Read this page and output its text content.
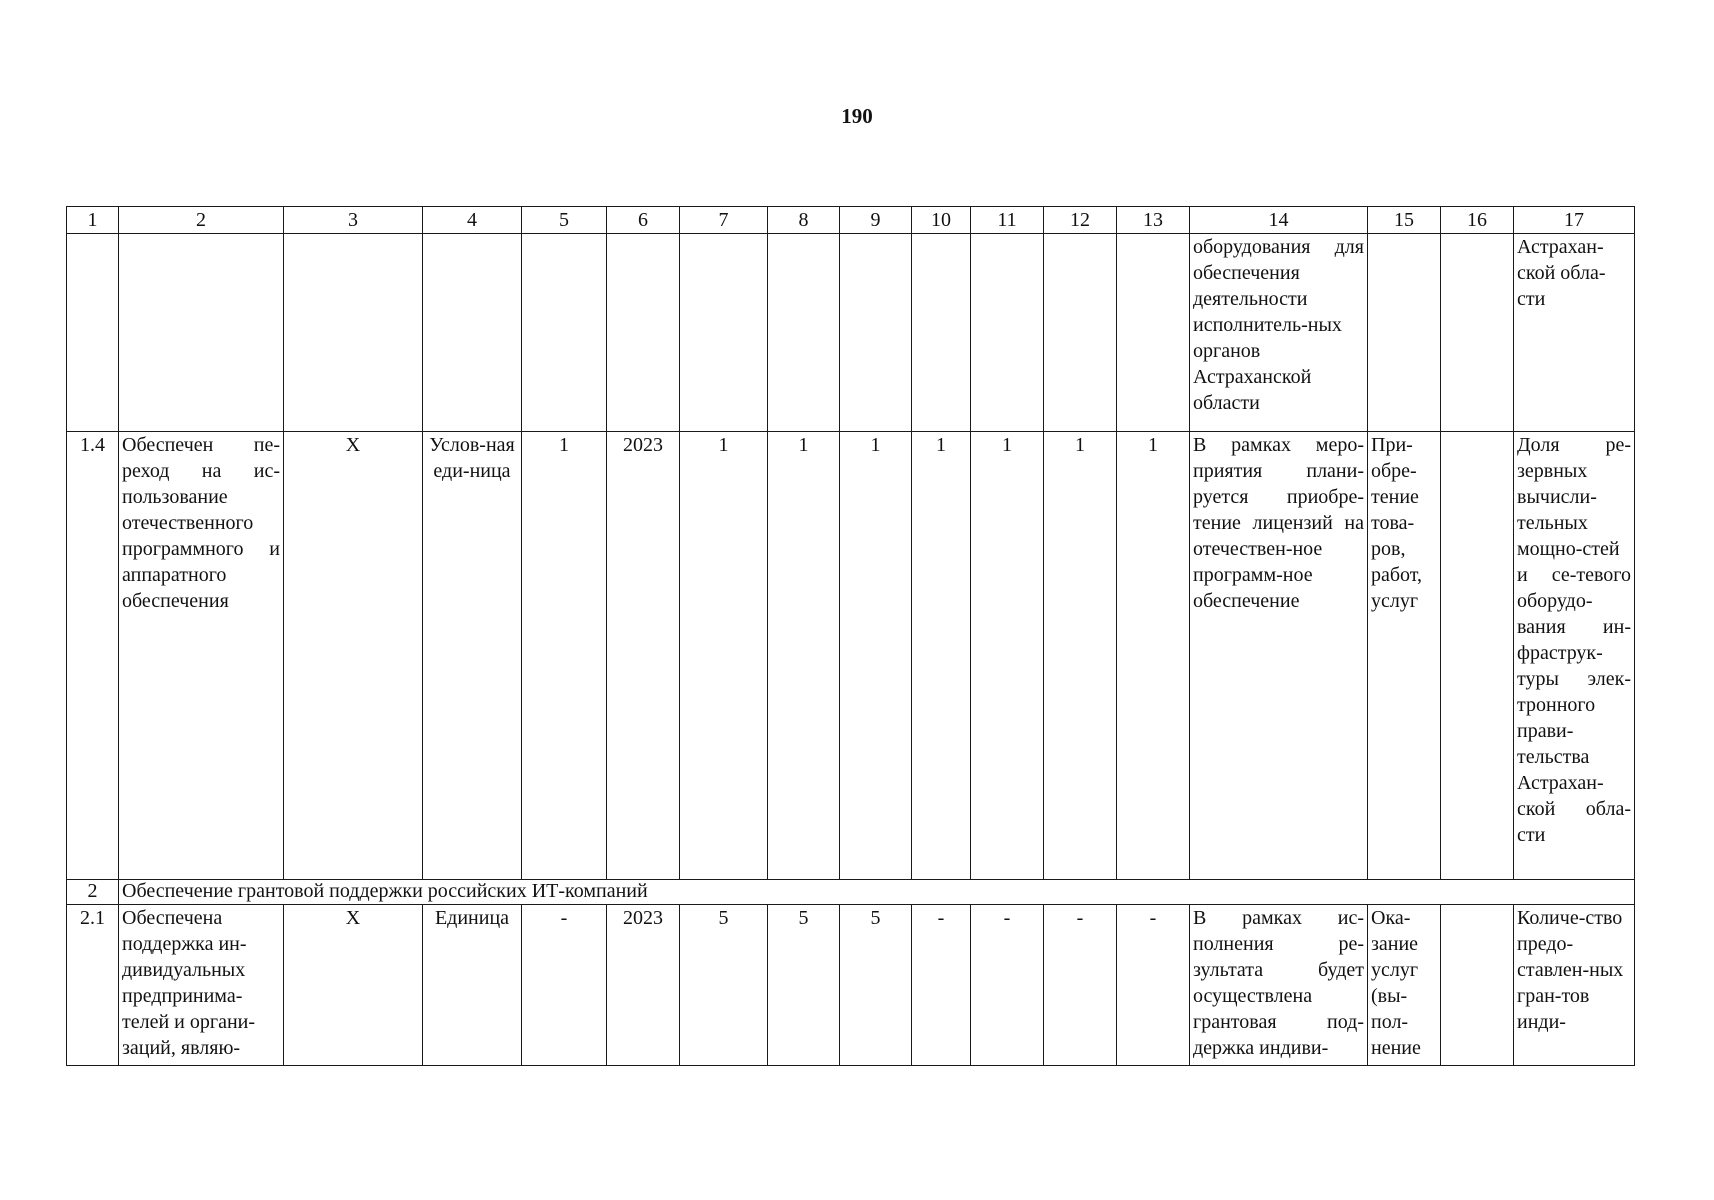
190
1	2	3	4	5	6	7	8	9	10	11	12	13	14	15	16	17
													оборудования для обеспечения деятельности исполнитель-ных органов Астраханской области			Астрахан-ской обла-сти
1.4	Обеспечен пе-реход на ис-пользование отечественного программного и аппаратного обеспечения	X	Услов-ная еди-ница	1	2023	1	1	1	1	1	1	1	В рамках меро-приятия плани-руется приобре-тение лицензий на отечествен-ное программ-ное обеспечение	При-обре-тение това-ров, работ, услуг		Доля ре-зервных вычисли-тельных мощно-стей и се-тевого оборудо-вания ин-фраструк-туры элек-тронного прави-тельства Астрахан-ской обла-сти
2	Обеспечение грантовой поддержки российских ИТ-компаний															
2.1	Обеспечена поддержка ин-дивидуальных предпринима-телей и органи-заций, являю-	X	Единица	-	2023	5	5	5	-	-	-	-	В рамках ис-полнения ре-зультата будет осуществлена грантовая под-держка индиви-	Ока-зание услуг (вы-пол-нение		Количе-ство предо-ставлен-ных гран-тов инди-
